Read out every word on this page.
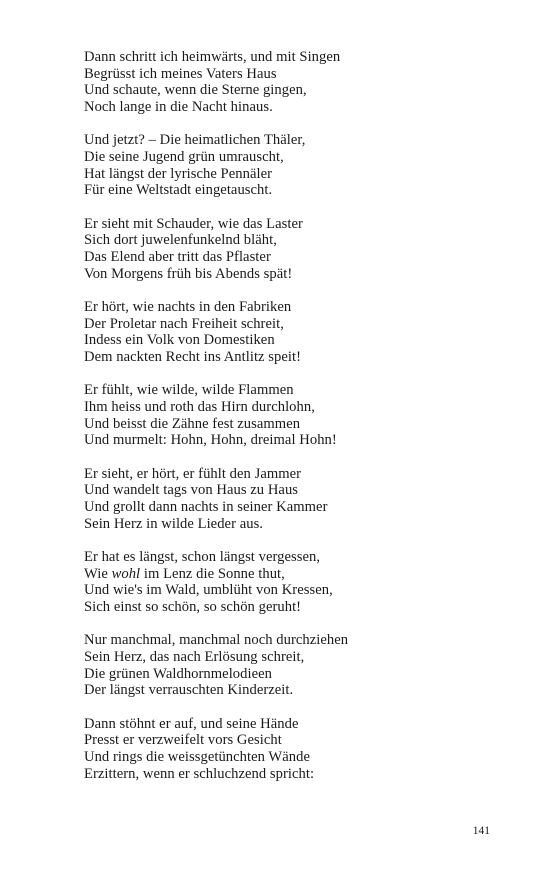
Dann schritt ich heimwärts, und mit Singen
Begrüsst ich meines Vaters Haus
Und schaute, wenn die Sterne gingen,
Noch lange in die Nacht hinaus.
Und jetzt? – Die heimatlichen Thäler,
Die seine Jugend grün umrauscht,
Hat längst der lyrische Pennäler
Für eine Weltstadt eingetauscht.
Er sieht mit Schauder, wie das Laster
Sich dort juwelenfunkelnd bläht,
Das Elend aber tritt das Pflaster
Von Morgens früh bis Abends spät!
Er hört, wie nachts in den Fabriken
Der Proletar nach Freiheit schreit,
Indess ein Volk von Domestiken
Dem nackten Recht ins Antlitz speit!
Er fühlt, wie wilde, wilde Flammen
Ihm heiss und roth das Hirn durchlohn,
Und beisst die Zähne fest zusammen
Und murmelt: Hohn, Hohn, dreimal Hohn!
Er sieht, er hört, er fühlt den Jammer
Und wandelt tags von Haus zu Haus
Und grollt dann nachts in seiner Kammer
Sein Herz in wilde Lieder aus.
Er hat es längst, schon längst vergessen,
Wie wohl im Lenz die Sonne thut,
Und wie's im Wald, umblüht von Kressen,
Sich einst so schön, so schön geruht!
Nur manchmal, manchmal noch durchziehen
Sein Herz, das nach Erlösung schreit,
Die grünen Waldhornmelodieen
Der längst verrauschten Kinderzeit.
Dann stöhnt er auf, und seine Hände
Presst er verzweifelt vors Gesicht
Und rings die weissgetünchten Wände
Erzittern, wenn er schluchzend spricht:
141
